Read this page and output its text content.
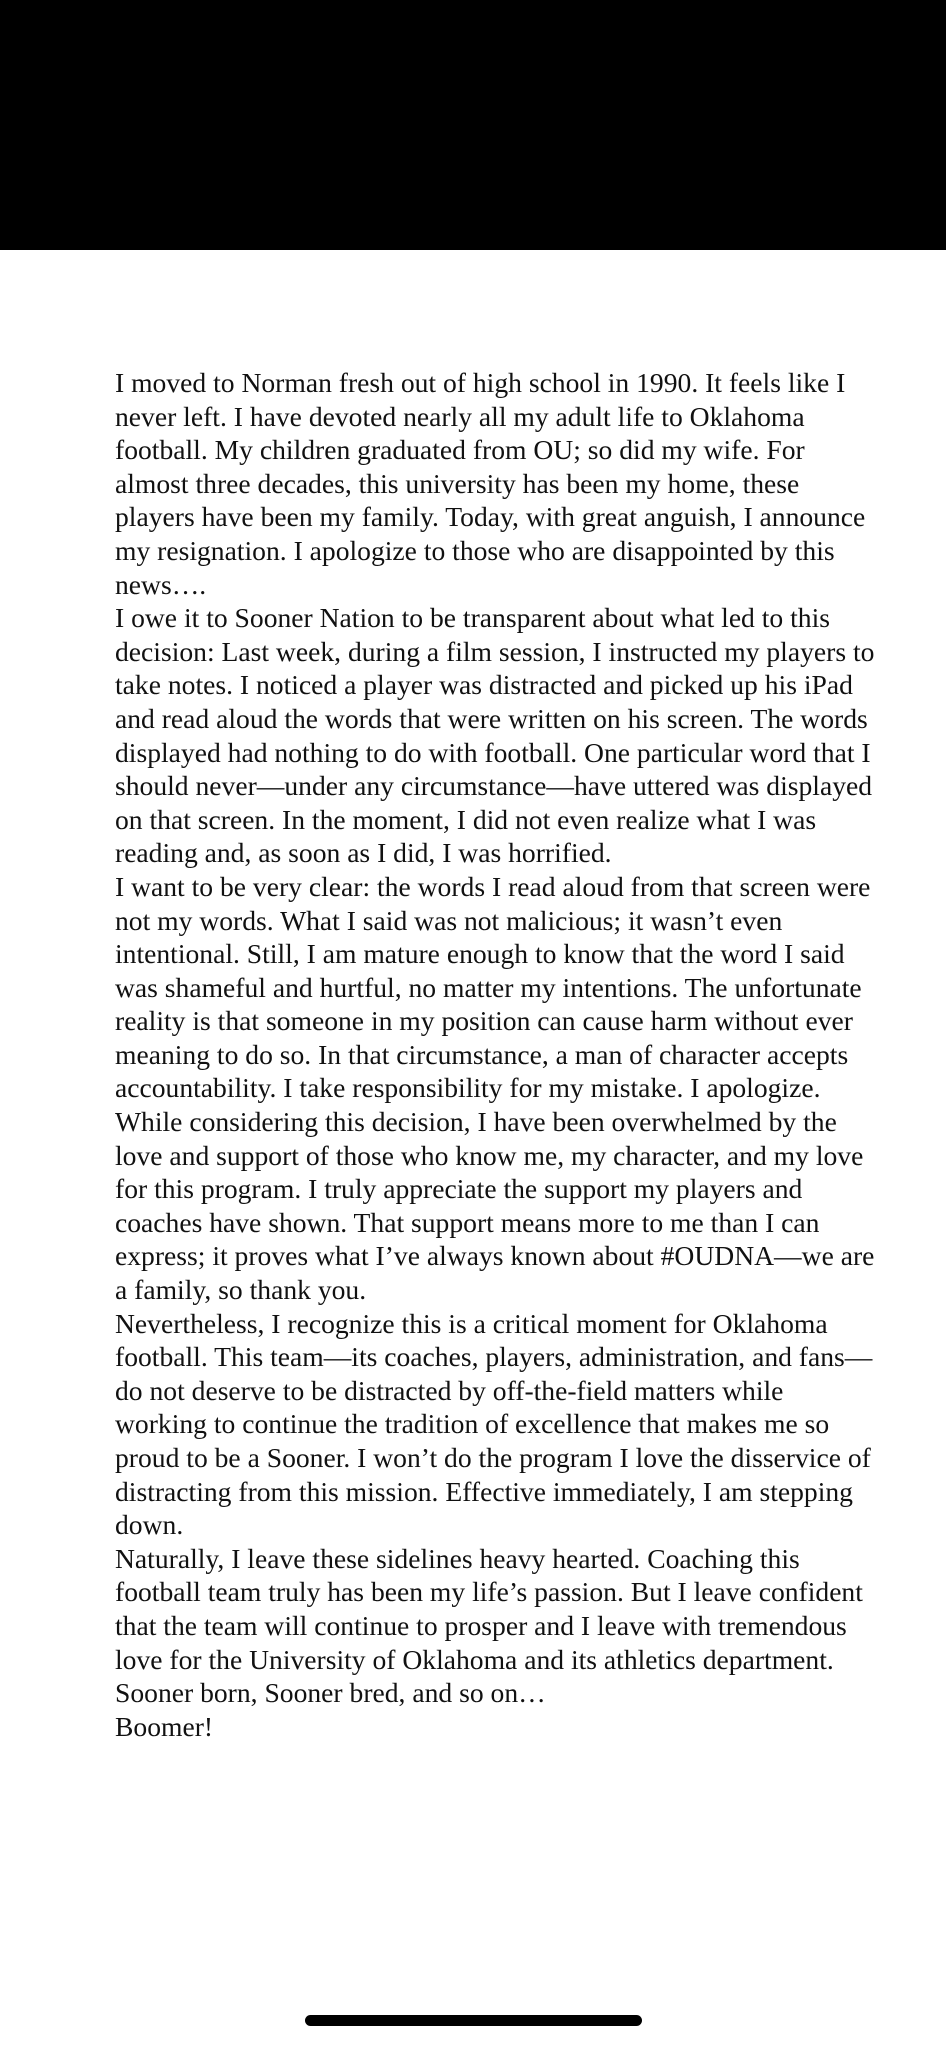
I moved to Norman fresh out of high school in 1990. It feels like I never left. I have devoted nearly all my adult life to Oklahoma football. My children graduated from OU; so did my wife. For almost three decades, this university has been my home, these players have been my family. Today, with great anguish, I announce my resignation. I apologize to those who are disappointed by this news….

I owe it to Sooner Nation to be transparent about what led to this decision: Last week, during a film session, I instructed my players to take notes. I noticed a player was distracted and picked up his iPad and read aloud the words that were written on his screen. The words displayed had nothing to do with football. One particular word that I should never—under any circumstance—have uttered was displayed on that screen. In the moment, I did not even realize what I was reading and, as soon as I did, I was horrified.

I want to be very clear: the words I read aloud from that screen were not my words. What I said was not malicious; it wasn’t even intentional. Still, I am mature enough to know that the word I said was shameful and hurtful, no matter my intentions. The unfortunate reality is that someone in my position can cause harm without ever meaning to do so. In that circumstance, a man of character accepts accountability. I take responsibility for my mistake. I apologize.

While considering this decision, I have been overwhelmed by the love and support of those who know me, my character, and my love for this program. I truly appreciate the support my players and coaches have shown. That support means more to me than I can express; it proves what I’ve always known about #OUDNA—we are a family, so thank you.

Nevertheless, I recognize this is a critical moment for Oklahoma football. This team—its coaches, players, administration, and fans—do not deserve to be distracted by off-the-field matters while working to continue the tradition of excellence that makes me so proud to be a Sooner. I won’t do the program I love the disservice of distracting from this mission. Effective immediately, I am stepping down.

Naturally, I leave these sidelines heavy hearted. Coaching this football team truly has been my life’s passion. But I leave confident that the team will continue to prosper and I leave with tremendous love for the University of Oklahoma and its athletics department. Sooner born, Sooner bred, and so on…

Boomer!
